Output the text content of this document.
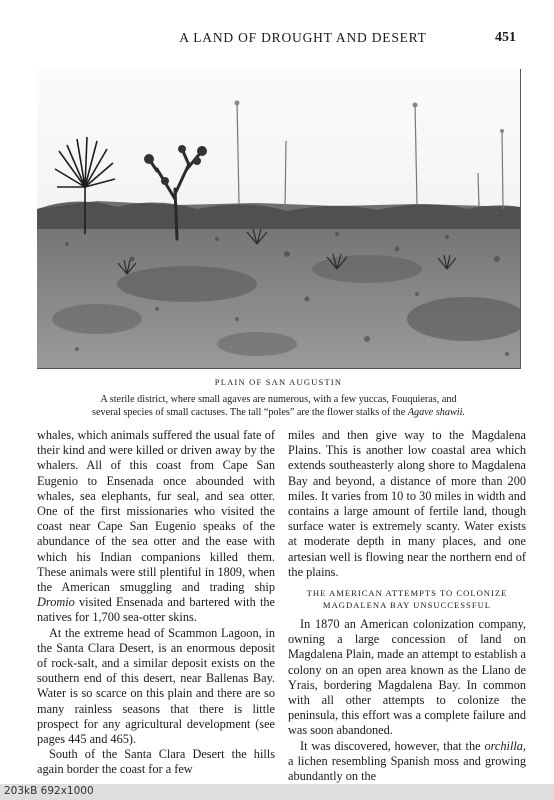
A LAND OF DROUGHT AND DESERT	451
PLAIN OF SAN AUGUSTIN
A sterile district, where small agaves are numerous, with a few yuccas, Fouquieras, and
several species of small cactuses. The tall “poles” are the flower stalks of the Agave shawii.

whales, which animals suffered the usual fate of their kind and were killed or driven away by the whalers. All of this coast from Cape San Eugenio to Ensenada once abounded with whales, sea elephants, fur seal, and sea otter. One of the first missionaries who visited the coast near Cape San Eugenio speaks of the abundance of the sea otter and the ease with which his Indian companions killed them. These animals were still plentiful in 1809, when the American smuggling and trading ship Dromio visited Ensenada and bartered with the natives for 1,700 sea-otter skins.

At the extreme head of Scammon Lagoon, in the Santa Clara Desert, is an enormous deposit of rock-salt, and a similar deposit exists on the southern end of this desert, near Ballenas Bay. Water is so scarce on this plain and there are so many rainless seasons that there is little prospect for any agricultural development (see pages 445 and 465).

South of the Santa Clara Desert the hills again border the coast for a few

miles and then give way to the Magdalena Plains. This is another low coastal area which extends southeasterly along shore to Magdalena Bay and beyond, a distance of more than 200 miles. It varies from 10 to 30 miles in width and contains a large amount of fertile land, though surface water is extremely scanty. Water exists at moderate depth in many places, and one artesian well is flowing near the northern end of the plains.

THE AMERICAN ATTEMPTS TO COLONIZE
MAGDALENA BAY UNSUCCESSFUL

In 1870 an American colonization company, owning a large concession of land on Magdalena Plain, made an attempt to establish a colony on an open area known as the Llano de Yrais, bordering Magdalena Bay. In common with all other attempts to colonize the peninsula, this effort was a complete failure and was soon abandoned.

It was discovered, however, that the orchilla, a lichen resembling Spanish moss and growing abundantly on the

203kB 692x1000
